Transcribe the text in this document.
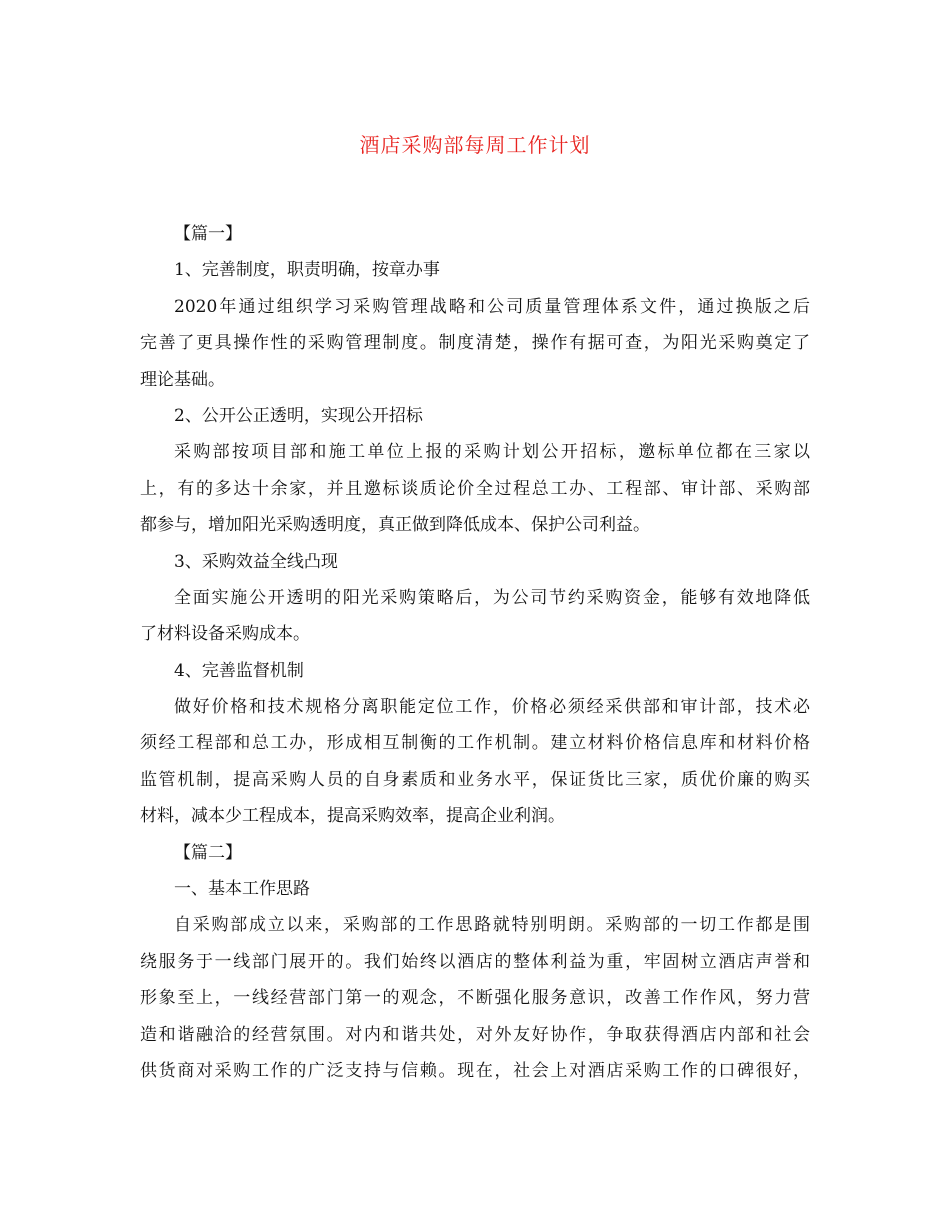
酒店采购部每周工作计划

【篇一】

1、完善制度，职责明确，按章办事

2020年通过组织学习采购管理战略和公司质量管理体系文件，通过换版之后

完善了更具操作性的采购管理制度。制度清楚，操作有据可查，为阳光采购奠定了

理论基础。

2、公开公正透明，实现公开招标

采购部按项目部和施工单位上报的采购计划公开招标，邀标单位都在三家以

上，有的多达十余家，并且邀标谈质论价全过程总工办、工程部、审计部、采购部

都参与，增加阳光采购透明度，真正做到降低成本、保护公司利益。

3、采购效益全线凸现

全面实施公开透明的阳光采购策略后，为公司节约采购资金，能够有效地降低

了材料设备采购成本。

4、完善监督机制

做好价格和技术规格分离职能定位工作，价格必须经采供部和审计部，技术必

须经工程部和总工办，形成相互制衡的工作机制。建立材料价格信息库和材料价格

监管机制，提高采购人员的自身素质和业务水平，保证货比三家，质优价廉的购买

材料，减本少工程成本，提高采购效率，提高企业利润。

【篇二】

一、基本工作思路

自采购部成立以来，采购部的工作思路就特别明朗。采购部的一切工作都是围

绕服务于一线部门展开的。我们始终以酒店的整体利益为重，牢固树立酒店声誉和

形象至上，一线经营部门第一的观念，不断强化服务意识，改善工作作风，努力营

造和谐融洽的经营氛围。对内和谐共处，对外友好协作，争取获得酒店内部和社会

供货商对采购工作的广泛支持与信赖。现在，社会上对酒店采购工作的口碑很好，
